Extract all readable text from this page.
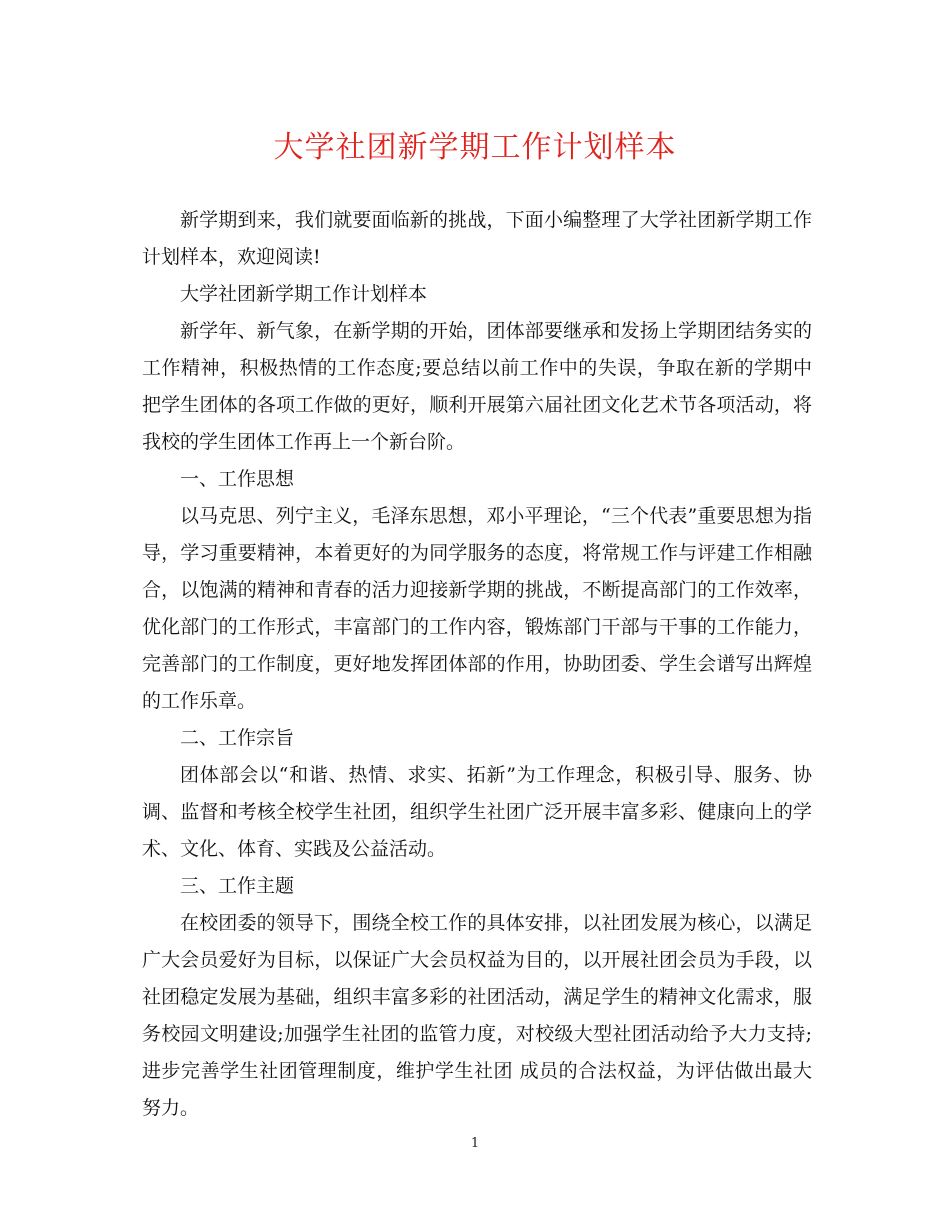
大学社团新学期工作计划样本

新学期到来，我们就要面临新的挑战，下面小编整理了大学社团新学期工作计划样本，欢迎阅读!

大学社团新学期工作计划样本

新学年、新气象，在新学期的开始，团体部要继承和发扬上学期团结务实的工作精神，积极热情的工作态度;要总结以前工作中的失误，争取在新的学期中把学生团体的各项工作做的更好，顺利开展第六届社团文化艺术节各项活动，将我校的学生团体工作再上一个新台阶。

一、工作思想

以马克思、列宁主义，毛泽东思想，邓小平理论，“三个代表”重要思想为指导，学习重要精神，本着更好的为同学服务的态度，将常规工作与评建工作相融合，以饱满的精神和青春的活力迎接新学期的挑战，不断提高部门的工作效率，优化部门的工作形式，丰富部门的工作内容，锻炼部门干部与干事的工作能力，完善部门的工作制度，更好地发挥团体部的作用，协助团委、学生会谱写出辉煌的工作乐章。

二、工作宗旨

团体部会以“和谐、热情、求实、拓新”为工作理念，积极引导、服务、协调、监督和考核全校学生社团，组织学生社团广泛开展丰富多彩、健康向上的学术、文化、体育、实践及公益活动。

三、工作主题

在校团委的领导下，围绕全校工作的具体安排，以社团发展为核心，以满足广大会员爱好为目标，以保证广大会员权益为目的，以开展社团会员为手段，以社团稳定发展为基础，组织丰富多彩的社团活动，满足学生的精神文化需求，服务校园文明建设;加强学生社团的监管力度，对校级大型社团活动给予大力支持;进步完善学生社团管理制度，维护学生社团 成员的合法权益，为评估做出最大努力。

1
